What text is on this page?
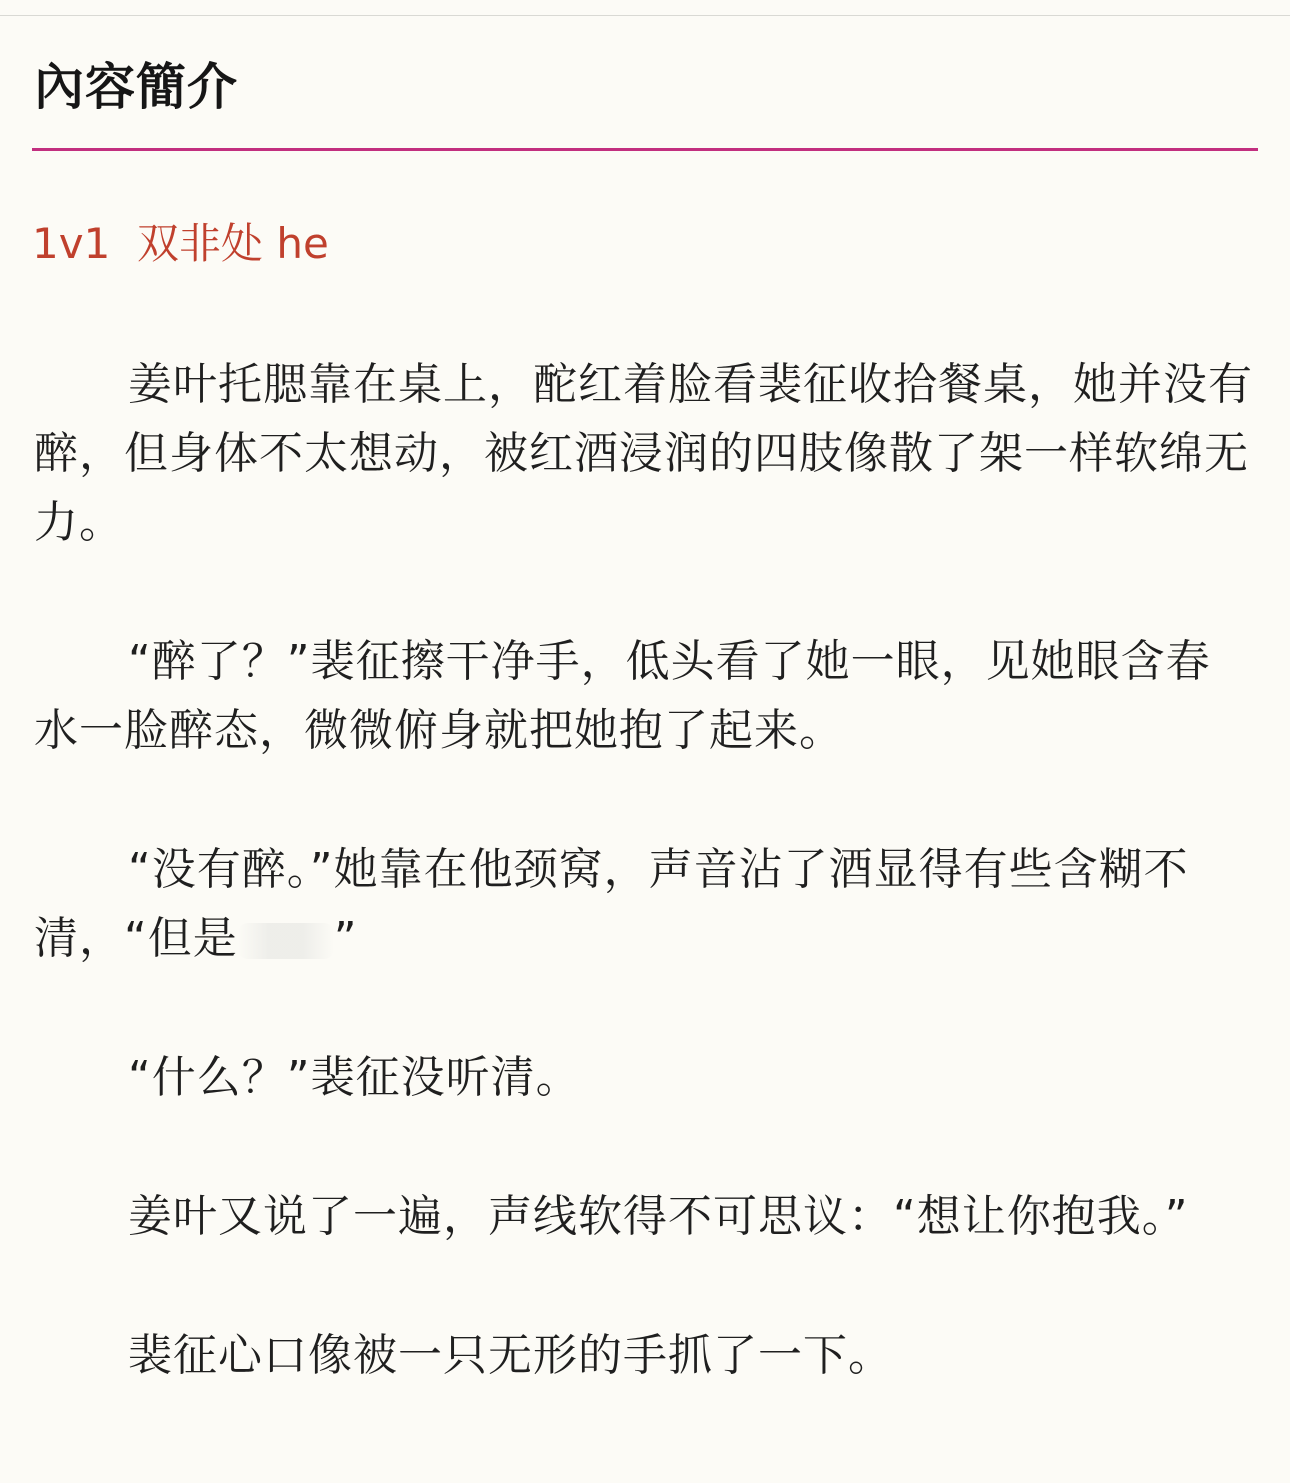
內容簡介
1v1  双非处 he

姜叶托腮靠在桌上，酡红着脸看裴征收拾餐桌，她并没有醉，但身体不太想动，被红酒浸润的四肢像散了架一样软绵无力。

“醉了？”裴征擦干净手，低头看了她一眼，见她眼含春水一脸醉态，微微俯身就把她抱了起来。

“没有醉。”她靠在他颈窝，声音沾了酒显得有些含糊不清，“但是 ”

“什么？”裴征没听清。

姜叶又说了一遍，声线软得不可思议：“想让你抱我。”

裴征心口像被一只无形的手抓了一下。
